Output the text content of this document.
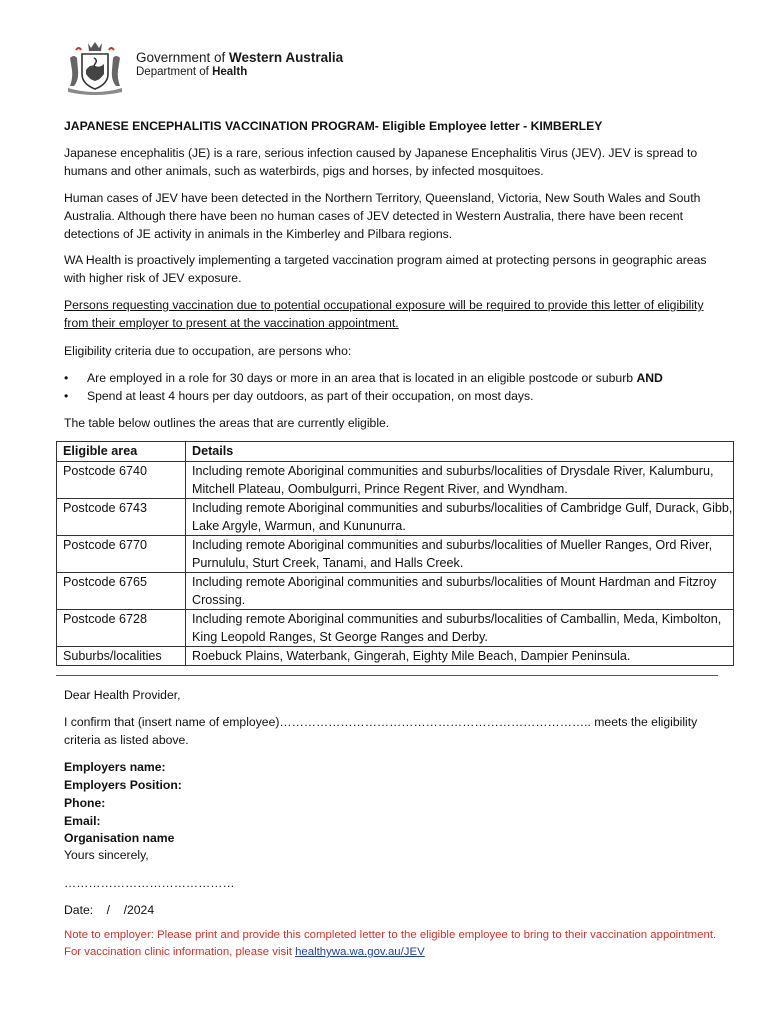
Government of Western Australia
Department of Health
JAPANESE ENCEPHALITIS VACCINATION PROGRAM- Eligible Employee letter - KIMBERLEY

Japanese encephalitis (JE) is a rare, serious infection caused by Japanese Encephalitis Virus (JEV). JEV is spread to humans and other animals, such as waterbirds, pigs and horses, by infected mosquitoes.

Human cases of JEV have been detected in the Northern Territory, Queensland, Victoria, New South Wales and South Australia. Although there have been no human cases of JEV detected in Western Australia, there have been recent detections of JE activity in animals in the Kimberley and Pilbara regions.

WA Health is proactively implementing a targeted vaccination program aimed at protecting persons in geographic areas with higher risk of JEV exposure.

Persons requesting vaccination due to potential occupational exposure will be required to provide this letter of eligibility from their employer to present at the vaccination appointment.

Eligibility criteria due to occupation, are persons who:

• Are employed in a role for 30 days or more in an area that is located in an eligible postcode or suburb AND
• Spend at least 4 hours per day outdoors, as part of their occupation, on most days.

The table below outlines the areas that are currently eligible.

Eligible area	Details
Postcode 6740	Including remote Aboriginal communities and suburbs/localities of Drysdale River, Kalumburu, Mitchell Plateau, Oombulgurri, Prince Regent River, and Wyndham.
Postcode 6743	Including remote Aboriginal communities and suburbs/localities of Cambridge Gulf, Durack, Gibb, Lake Argyle, Warmun, and Kununurra.
Postcode 6770	Including remote Aboriginal communities and suburbs/localities of Mueller Ranges, Ord River, Purnululu, Sturt Creek, Tanami, and Halls Creek.
Postcode 6765	Including remote Aboriginal communities and suburbs/localities of Mount Hardman and Fitzroy Crossing.
Postcode 6728	Including remote Aboriginal communities and suburbs/localities of Camballin, Meda, Kimbolton, King Leopold Ranges, St George Ranges and Derby.
Suburbs/localities	Roebuck Plains, Waterbank, Gingerah, Eighty Mile Beach, Dampier Peninsula.

Dear Health Provider,

I confirm that (insert name of employee)………………………………………………………………….. meets the eligibility criteria as listed above.

Employers name:
Employers Position:
Phone:
Email:
Organisation name

Yours sincerely,

……………………………………

Date:    /    /2024

Note to employer: Please print and provide this completed letter to the eligible employee to bring to their vaccination appointment. For vaccination clinic information, please visit healthywa.wa.gov.au/JEV
